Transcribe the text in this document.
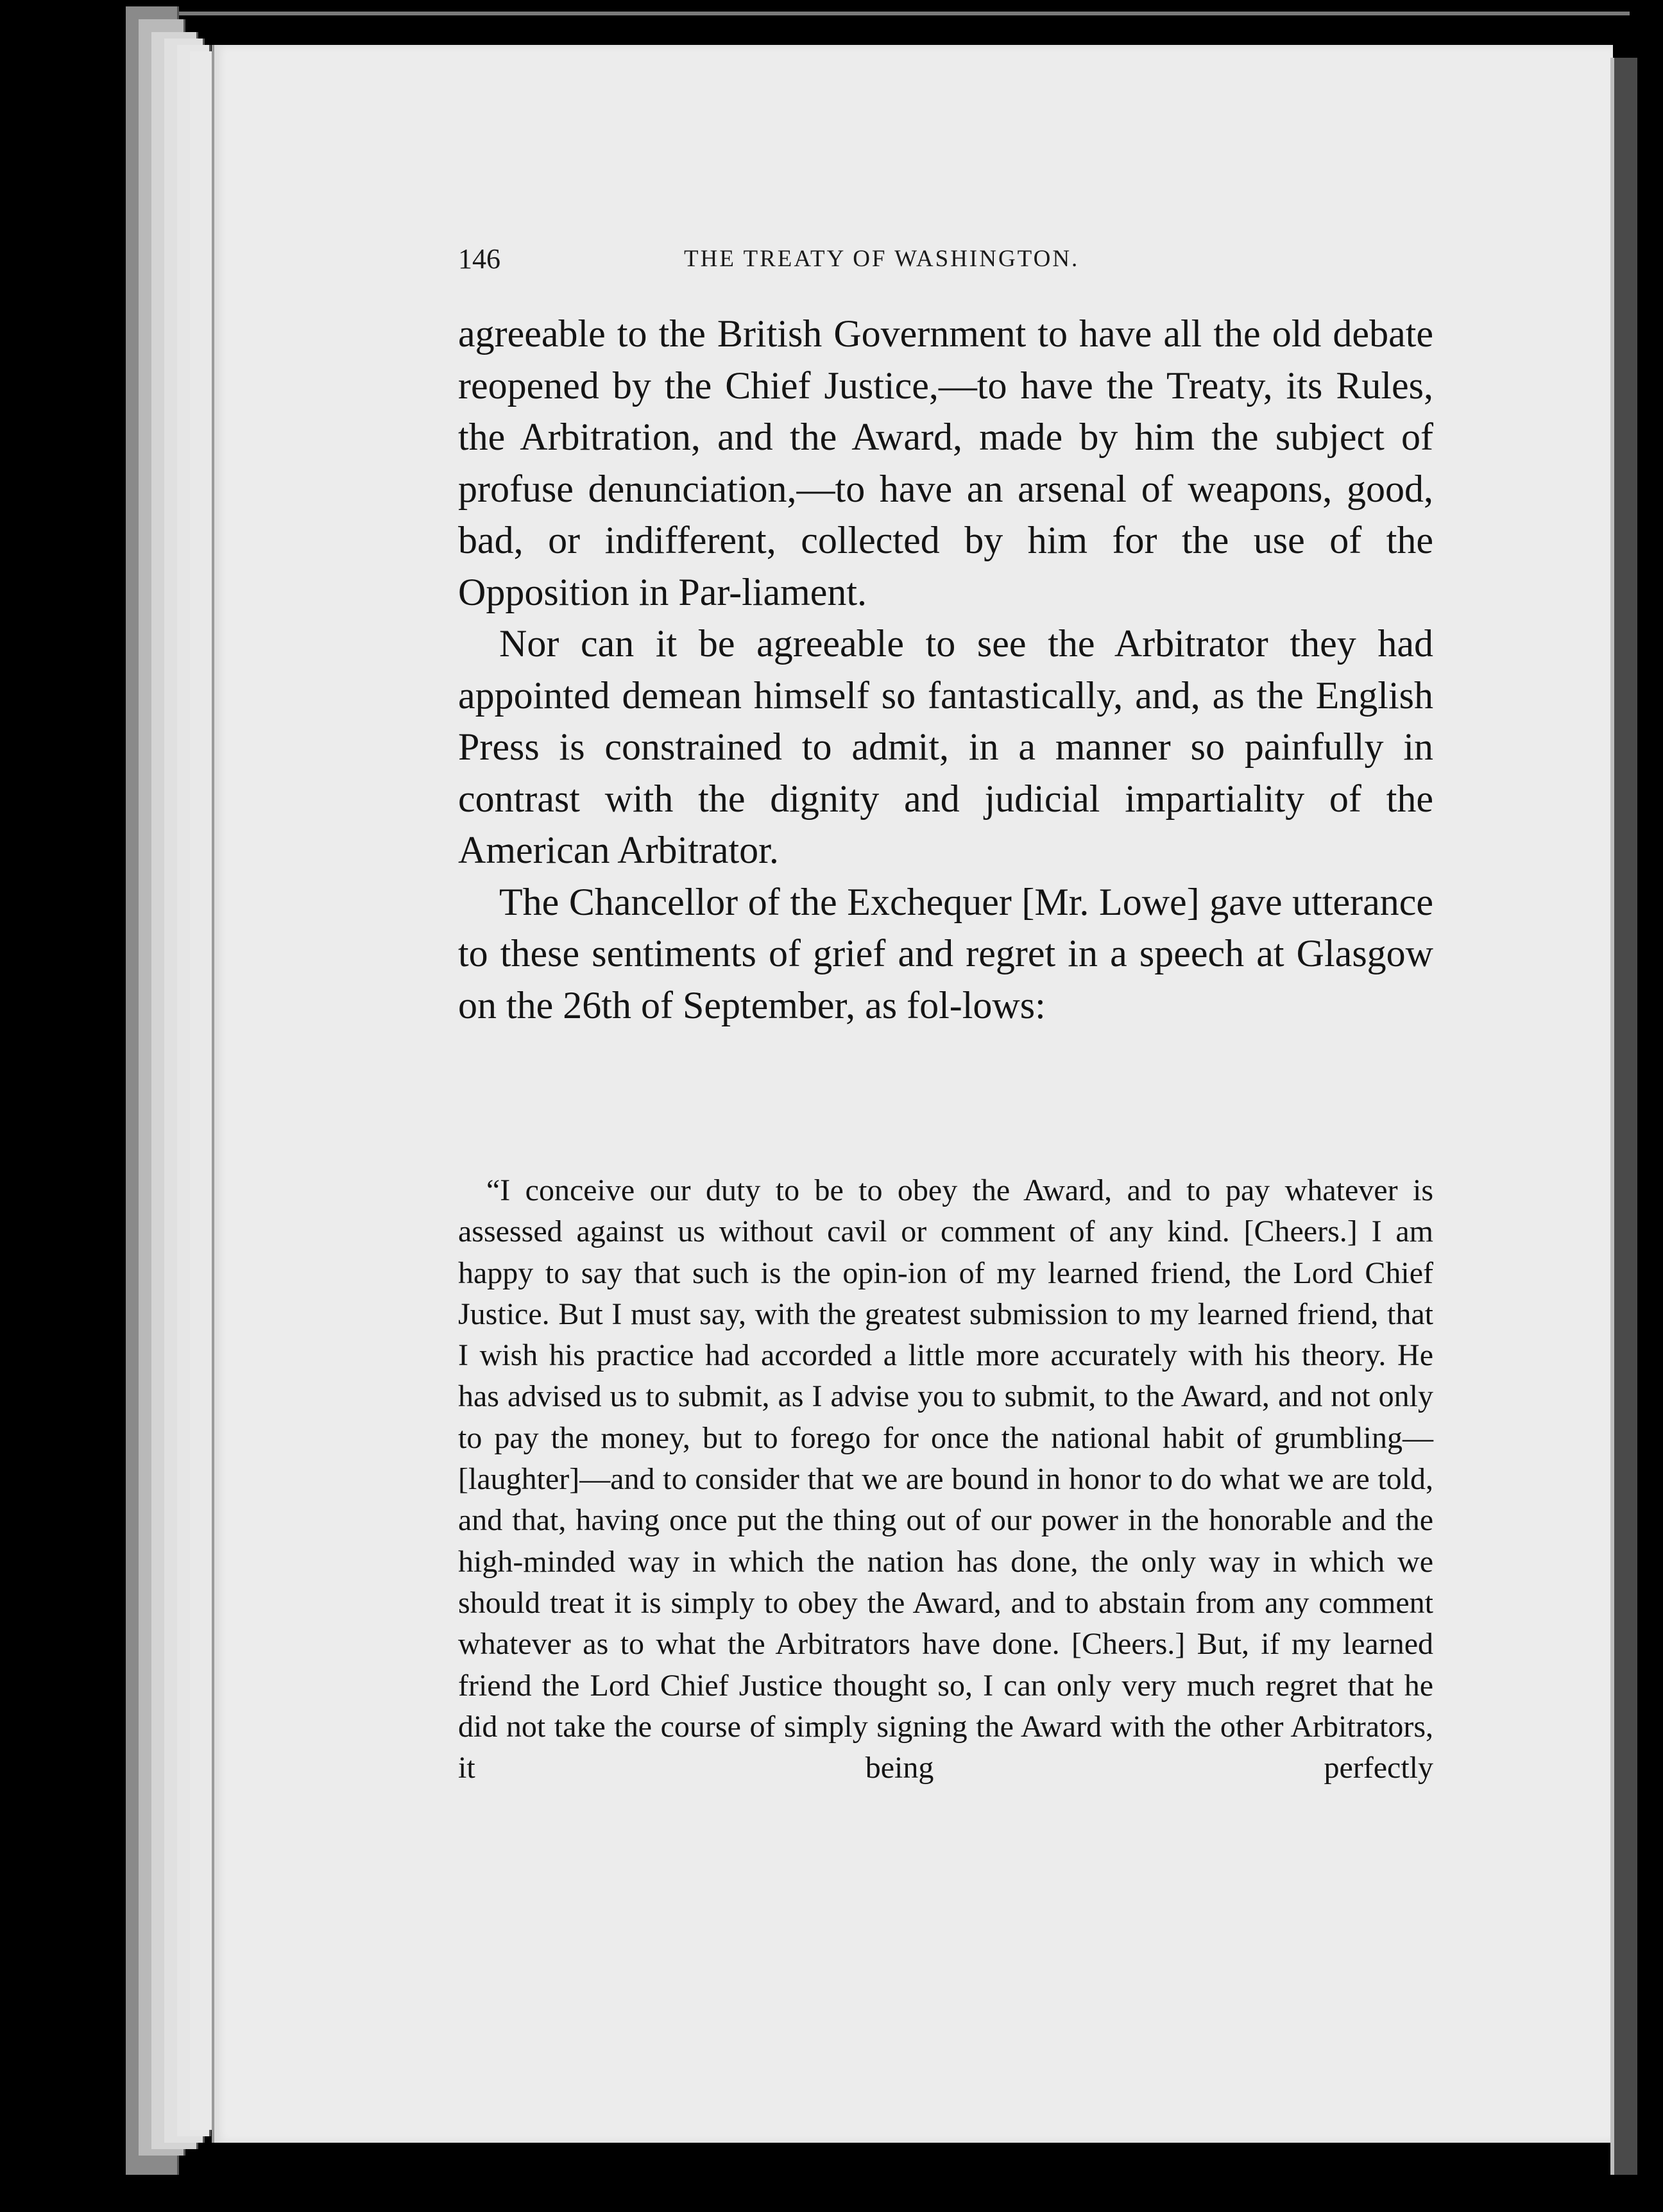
146	THE TREATY OF WASHINGTON.

agreeable to the British Government to have all the old debate reopened by the Chief Justice,—to have the Treaty, its Rules, the Arbitration, and the Award, made by him the subject of profuse denunciation,—to have an arsenal of weapons, good, bad, or indifferent, collected by him for the use of the Opposition in Par-liament.

Nor can it be agreeable to see the Arbitrator they had appointed demean himself so fantastically, and, as the English Press is constrained to admit, in a manner so painfully in contrast with the dignity and judicial impartiality of the American Arbitrator.

The Chancellor of the Exchequer [Mr. Lowe] gave utterance to these sentiments of grief and regret in a speech at Glasgow on the 26th of September, as fol-lows:

“I conceive our duty to be to obey the Award, and to pay whatever is assessed against us without cavil or comment of any kind. [Cheers.] I am happy to say that such is the opin-ion of my learned friend, the Lord Chief Justice. But I must say, with the greatest submission to my learned friend, that I wish his practice had accorded a little more accurately with his theory. He has advised us to submit, as I advise you to submit, to the Award, and not only to pay the money, but to forego for once the national habit of grumbling—[laughter]—and to consider that we are bound in honor to do what we are told, and that, having once put the thing out of our power in the honorable and the high-minded way in which the nation has done, the only way in which we should treat it is simply to obey the Award, and to abstain from any comment whatever as to what the Arbitrators have done. [Cheers.] But, if my learned friend the Lord Chief Justice thought so, I can only very much regret that he did not take the course of simply signing the Award with the other Arbitrators, it being perfectly
